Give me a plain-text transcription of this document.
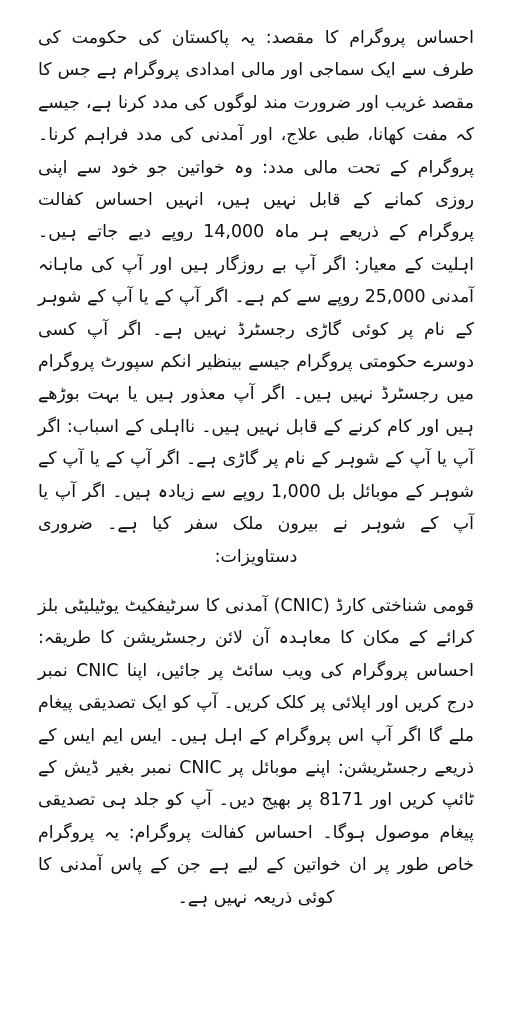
احساس پروگرام کا مقصد: یہ پاکستان کی حکومت کی طرف سے ایک سماجی اور مالی امدادی پروگرام ہے جس کا مقصد غریب اور ضرورت مند لوگوں کی مدد کرنا ہے، جیسے کہ مفت کھانا، طبی علاج، اور آمدنی کی مدد فراہم کرنا۔ پروگرام کے تحت مالی مدد: وہ خواتین جو خود سے اپنی روزی کمانے کے قابل نہیں ہیں، انہیں احساس کفالت پروگرام کے ذریعے ہر ماہ 14,000 روپے دیے جاتے ہیں۔ اہلیت کے معیار: اگر آپ بے روزگار ہیں اور آپ کی ماہانہ آمدنی 25,000 روپے سے کم ہے۔ اگر آپ کے یا آپ کے شوہر کے نام پر کوئی گاڑی رجسٹرڈ نہیں ہے۔ اگر آپ کسی دوسرے حکومتی پروگرام جیسے بینظیر انکم سپورٹ پروگرام میں رجسٹرڈ نہیں ہیں۔ اگر آپ معذور ہیں یا بہت بوڑھے ہیں اور کام کرنے کے قابل نہیں ہیں۔ نااہلی کے اسباب: اگر آپ یا آپ کے شوہر کے نام پر گاڑی ہے۔ اگر آپ کے یا آپ کے شوہر کے موبائل بل 1,000 روپے سے زیادہ ہیں۔ اگر آپ یا آپ کے شوہر نے بیرون ملک سفر کیا ہے۔ ضروری دستاویزات:

قومی شناختی کارڈ (CNIC) آمدنی کا سرٹیفکیٹ یوٹیلیٹی بلز کرائے کے مکان کا معاہدہ آن لائن رجسٹریشن کا طریقہ: احساس پروگرام کی ویب سائٹ پر جائیں، اپنا CNIC نمبر درج کریں اور اپلائی پر کلک کریں۔ آپ کو ایک تصدیقی پیغام ملے گا اگر آپ اس پروگرام کے اہل ہیں۔ ایس ایم ایس کے ذریعے رجسٹریشن: اپنے موبائل پر CNIC نمبر بغیر ڈیش کے ٹائپ کریں اور 8171 پر بھیج دیں۔ آپ کو جلد ہی تصدیقی پیغام موصول ہوگا۔ احساس کفالت پروگرام: یہ پروگرام خاص طور پر ان خواتین کے لیے ہے جن کے پاس آمدنی کا کوئی ذریعہ نہیں ہے۔
